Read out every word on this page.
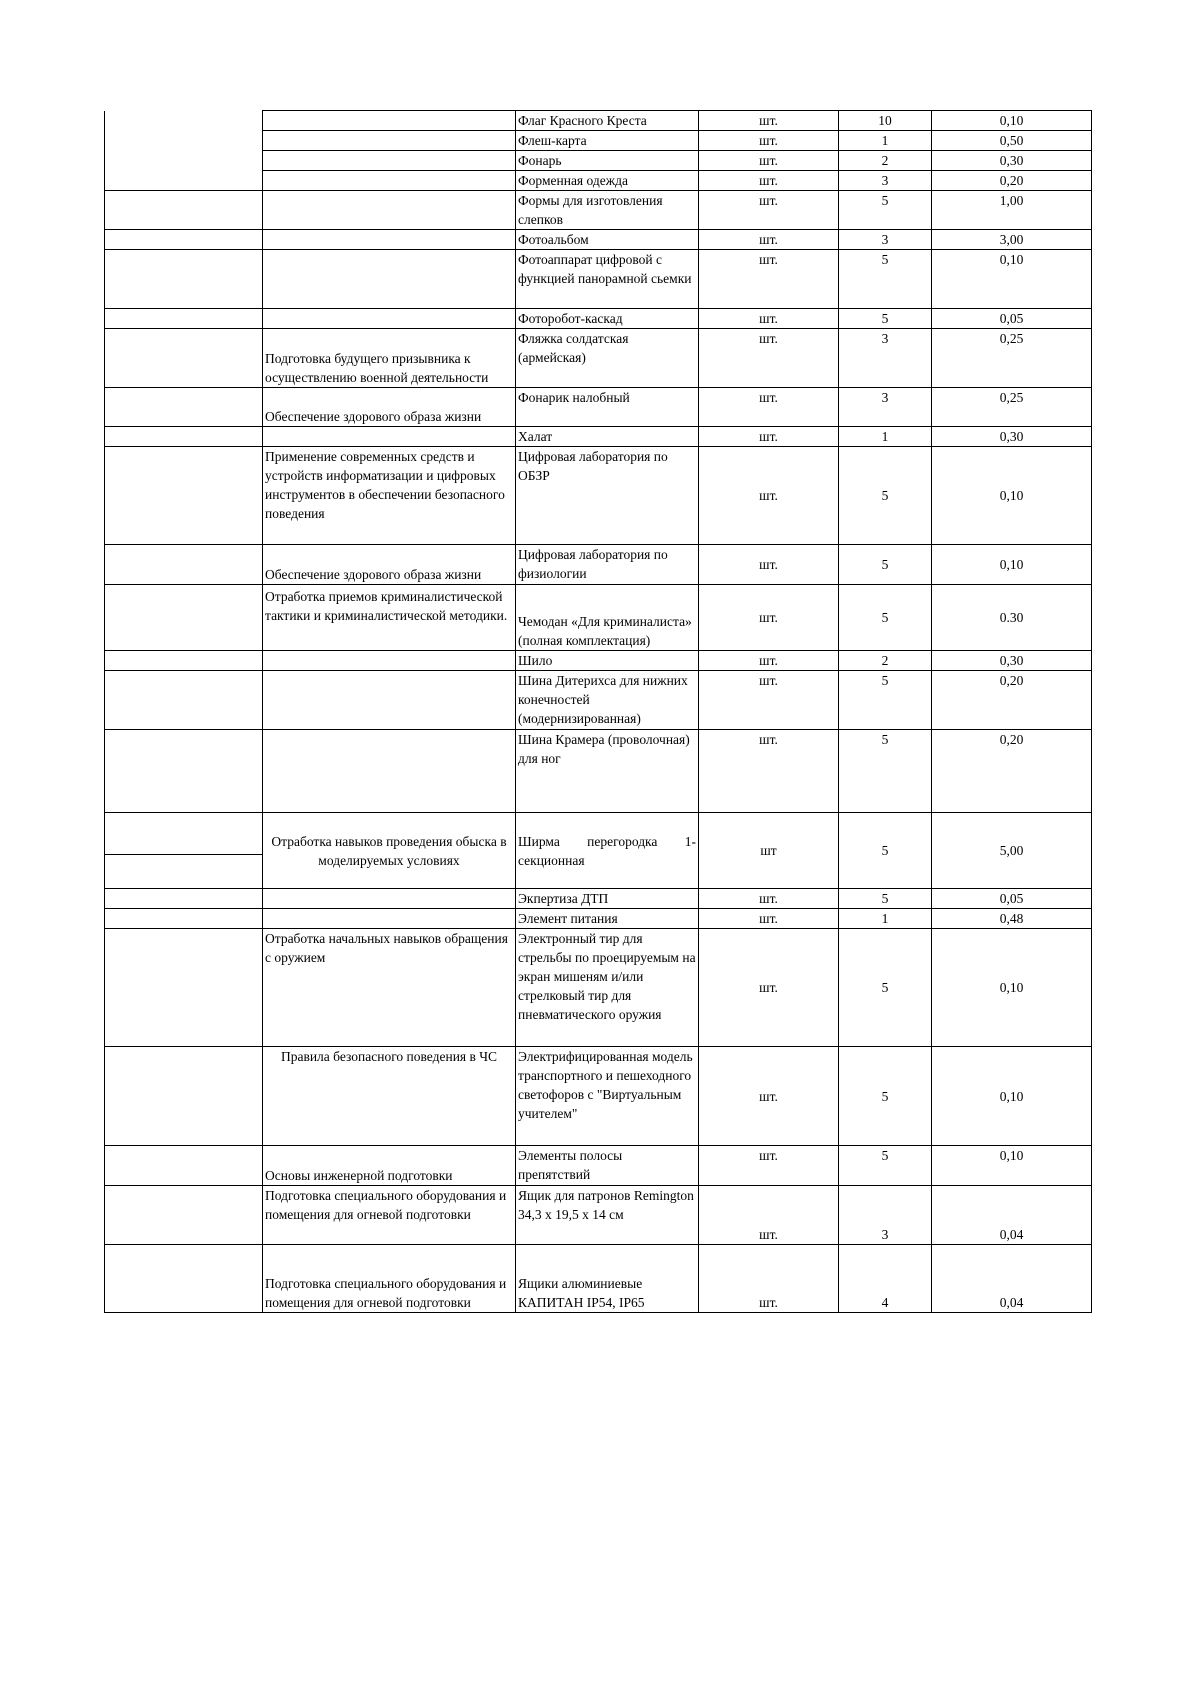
		Флаг Красного Креста	шт.	10	0,10
		Флеш-карта	шт.	1	0,50
		Фонарь	шт.	2	0,30
		Форменная одежда	шт.	3	0,20
		Формы для изготовления слепков	шт.	5	1,00
		Фотоальбом	шт.	3	3,00
		Фотоаппарат цифровой с функцией панорамной сьемки	шт.	5	0,10
		Фоторобот-каскад	шт.	5	0,05
	Подготовка будущего призывника к осуществлению военной деятельности	Фляжка солдатская (армейская)	шт.	3	0,25
	Обеспечение здорового образа жизни	Фонарик налобный	шт.	3	0,25
		Халат	шт.	1	0,30
	Применение современных средств и устройств информатизации и цифровых инструментов в обеспечении безопасного поведения	Цифровая лаборатория по ОБЗР	шт.	5	0,10
	Обеспечение здорового образа жизни	Цифровая лаборатория по физиологии	шт.	5	0,10
	Отработка приемов криминалистической тактики и криминалистической методики.	Чемодан «Для криминалиста» (полная комплектация)	шт.	5	0.30
		Шило	шт.	2	0,30
		Шина Дитерихса для нижних конечностей (модернизированная)	шт.	5	0,20
		Шина Крамера (проволочная) для ног	шт.	5	0,20
	Отработка навыков проведения обыска в моделируемых условиях	Ширма перегородка 1-секционная	шт	5	5,00

		Экпертиза ДТП	шт.	5	0,05
		Элемент питания	шт.	1	0,48
	Отработка начальных навыков обращения с оружием	Электронный тир для стрельбы по проецируемым на экран мишеням и/или стрелковый тир для пневматического оружия	шт.	5	0,10
	Правила безопасного поведения в ЧС	Электрифицированная модель транспортного и пешеходного светофоров с "Виртуальным учителем"	шт.	5	0,10
	Основы инженерной подготовки	Элементы полосы препятствий	шт.	5	0,10
	Подготовка специального оборудования и помещения для огневой подготовки	Ящик для патронов Remington 34,3 х 19,5 х 14 см	шт.	3	0,04
	Подготовка специального оборудования и помещения для огневой подготовки	Ящики алюминиевые КАПИТАН IP54, IP65	шт.	4	0,04
